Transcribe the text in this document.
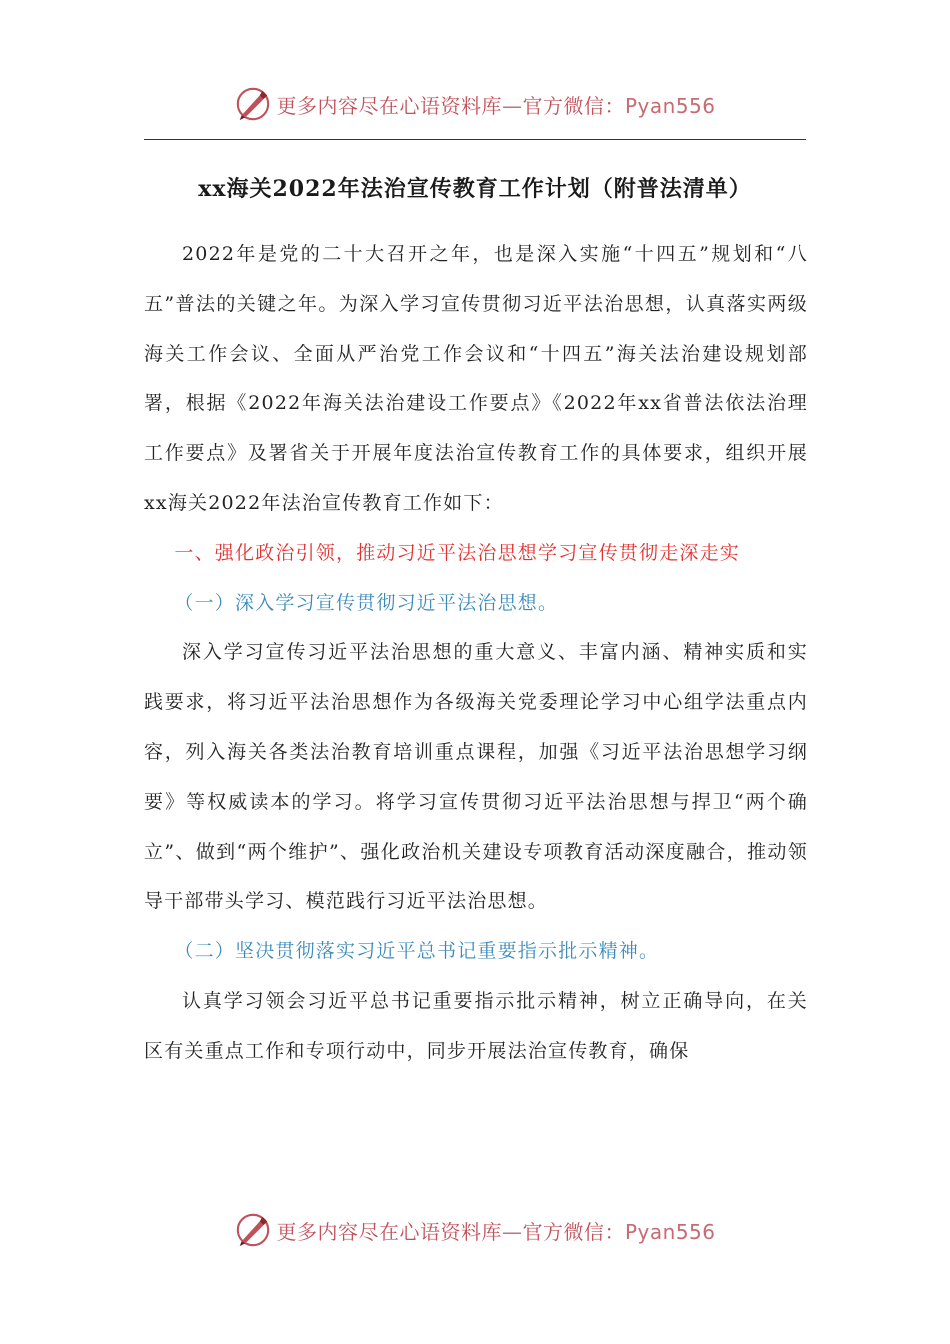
更多内容尽在心语资料库—官方微信：Pyan556
xx海关2022年法治宣传教育工作计划（附普法清单）

2022年是党的二十大召开之年，也是深入实施“十四五”规划和“八五”普法的关键之年。为深入学习宣传贯彻习近平法治思想，认真落实两级海关工作会议、全面从严治党工作会议和“十四五”海关法治建设规划部署，根据《2022年海关法治建设工作要点》《2022年xx省普法依法治理工作要点》及署省关于开展年度法治宣传教育工作的具体要求，组织开展xx海关2022年法治宣传教育工作如下：

一、强化政治引领，推动习近平法治思想学习宣传贯彻走深走实

（一）深入学习宣传贯彻习近平法治思想。

深入学习宣传习近平法治思想的重大意义、丰富内涵、精神实质和实践要求，将习近平法治思想作为各级海关党委理论学习中心组学法重点内容，列入海关各类法治教育培训重点课程，加强《习近平法治思想学习纲要》等权威读本的学习。将学习宣传贯彻习近平法治思想与捍卫“两个确立”、做到“两个维护”、强化政治机关建设专项教育活动深度融合，推动领导干部带头学习、模范践行习近平法治思想。

（二）坚决贯彻落实习近平总书记重要指示批示精神。

认真学习领会习近平总书记重要指示批示精神，树立正确导向，在关区有关重点工作和专项行动中，同步开展法治宣传教育，确保

更多内容尽在心语资料库—官方微信：Pyan556
